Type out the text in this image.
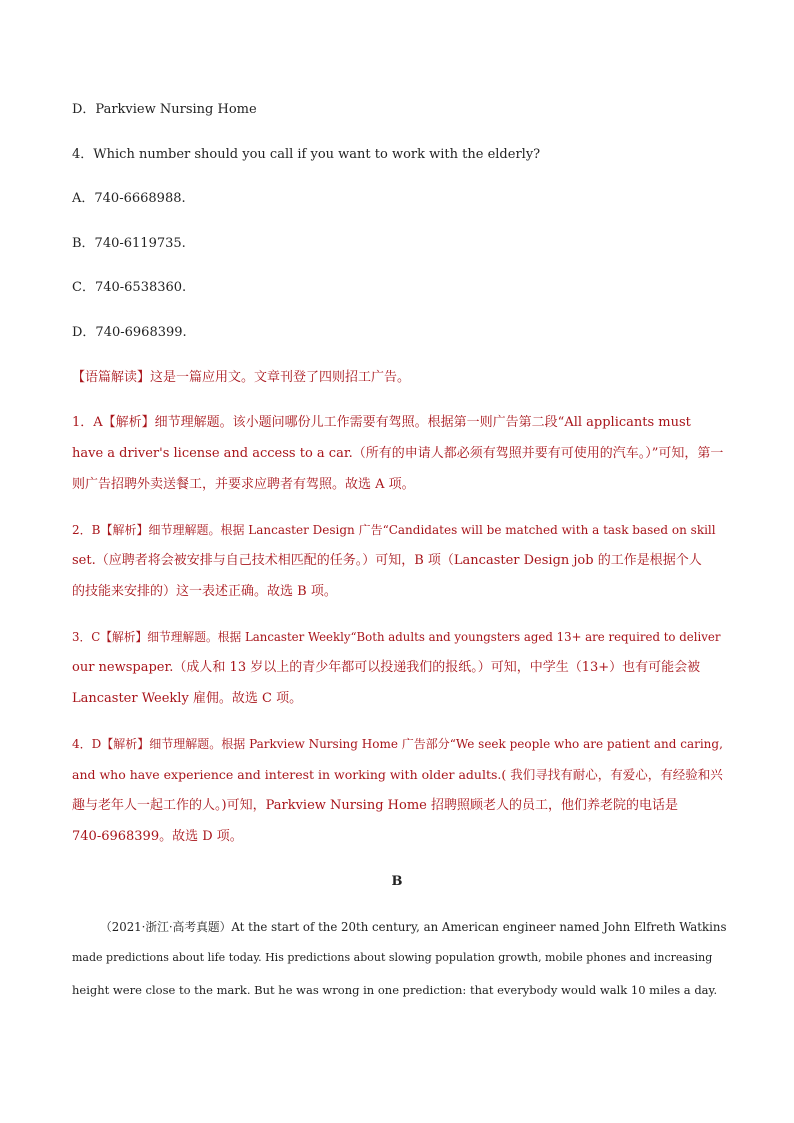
D．Parkview Nursing Home
4．Which number should you call if you want to work with the elderly?
A．740-6668988.
B．740-6119735.
C．740-6538360.
D．740-6968399.
【语篇解读】这是一篇应用文。文章刊登了四则招工广告。
1．A【解析】细节理解题。该小题问哪份儿工作需要有驾照。根据第一则广告第二段“All applicants must
have a driver's license and access to a car.（所有的申请人都必须有驾照并要有可使用的汽车。）”可知，第一
则广告招聘外卖送餐工，并要求应聘者有驾照。故选 A 项。
2．B【解析】细节理解题。根据 Lancaster Design 广告“Candidates will be matched with a task based on skill
set.（应聘者将会被安排与自己技术相匹配的任务。）可知，B 项（Lancaster Design job 的工作是根据个人
的技能来安排的）这一表述正确。故选 B 项。
3．C【解析】细节理解题。根据 Lancaster Weekly“Both adults and youngsters aged 13+ are required to deliver
our newspaper.（成人和 13 岁以上的青少年都可以投递我们的报纸。）可知，中学生（13+）也有可能会被
Lancaster Weekly 雇佣。故选 C 项。
4．D【解析】细节理解题。根据 Parkview Nursing Home 广告部分“We seek people who are patient and caring,
and who have experience and interest in working with older adults.( 我们寻找有耐心，有爱心，有经验和兴
趣与老年人一起工作的人。)可知，Parkview Nursing Home 招聘照顾老人的员工，他们养老院的电话是
740-6968399。故选 D 项。
B
（2021·浙江·高考真题）At the start of the 20th century, an American engineer named John Elfreth Watkins
made predictions about life today. His predictions about slowing population growth, mobile phones and increasing
height were close to the mark. But he was wrong in one prediction: that everybody would walk 10 miles a day.
